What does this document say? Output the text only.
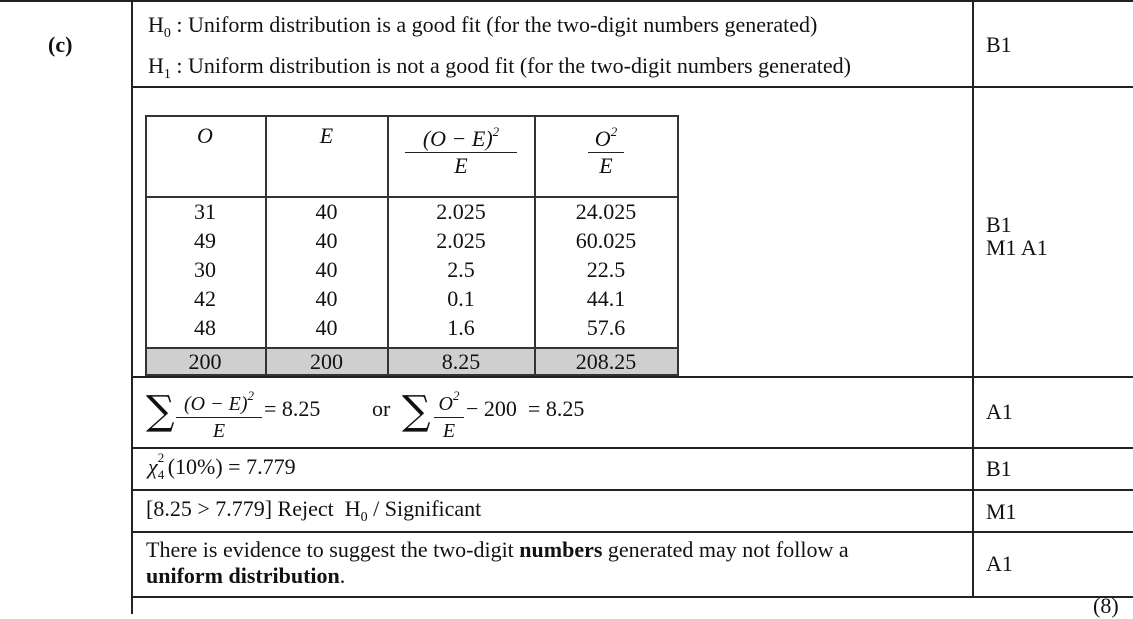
(c)
$H_0$ : Uniform distribution is a good fit (for the two-digit numbers generated)
$H_1$ : Uniform distribution is not a good fit (for the two-digit numbers generated)
B1
O	E	$\frac{(O - E)^2}{E}$	$\frac{O^2}{E}$
31	40	2.025	24.025
49	40	2.025	60.025
30	40	2.5	22.5
42	40	0.1	44.1
48	40	1.6	57.6
200	200	8.25	208.25
B1
M1 A1
∑ $(O - E)^2$
E
= 8.25 or ∑ $O^2$
E
− 200  = 8.25	A1
χ 2
4 (10%) = 7.779	B1
[8.25 > 7.779] Reject  $H_0$ / Significant	M1
There is evidence to suggest the two-digit numbers generated may not follow a
uniform distribution.	A1
(8)
